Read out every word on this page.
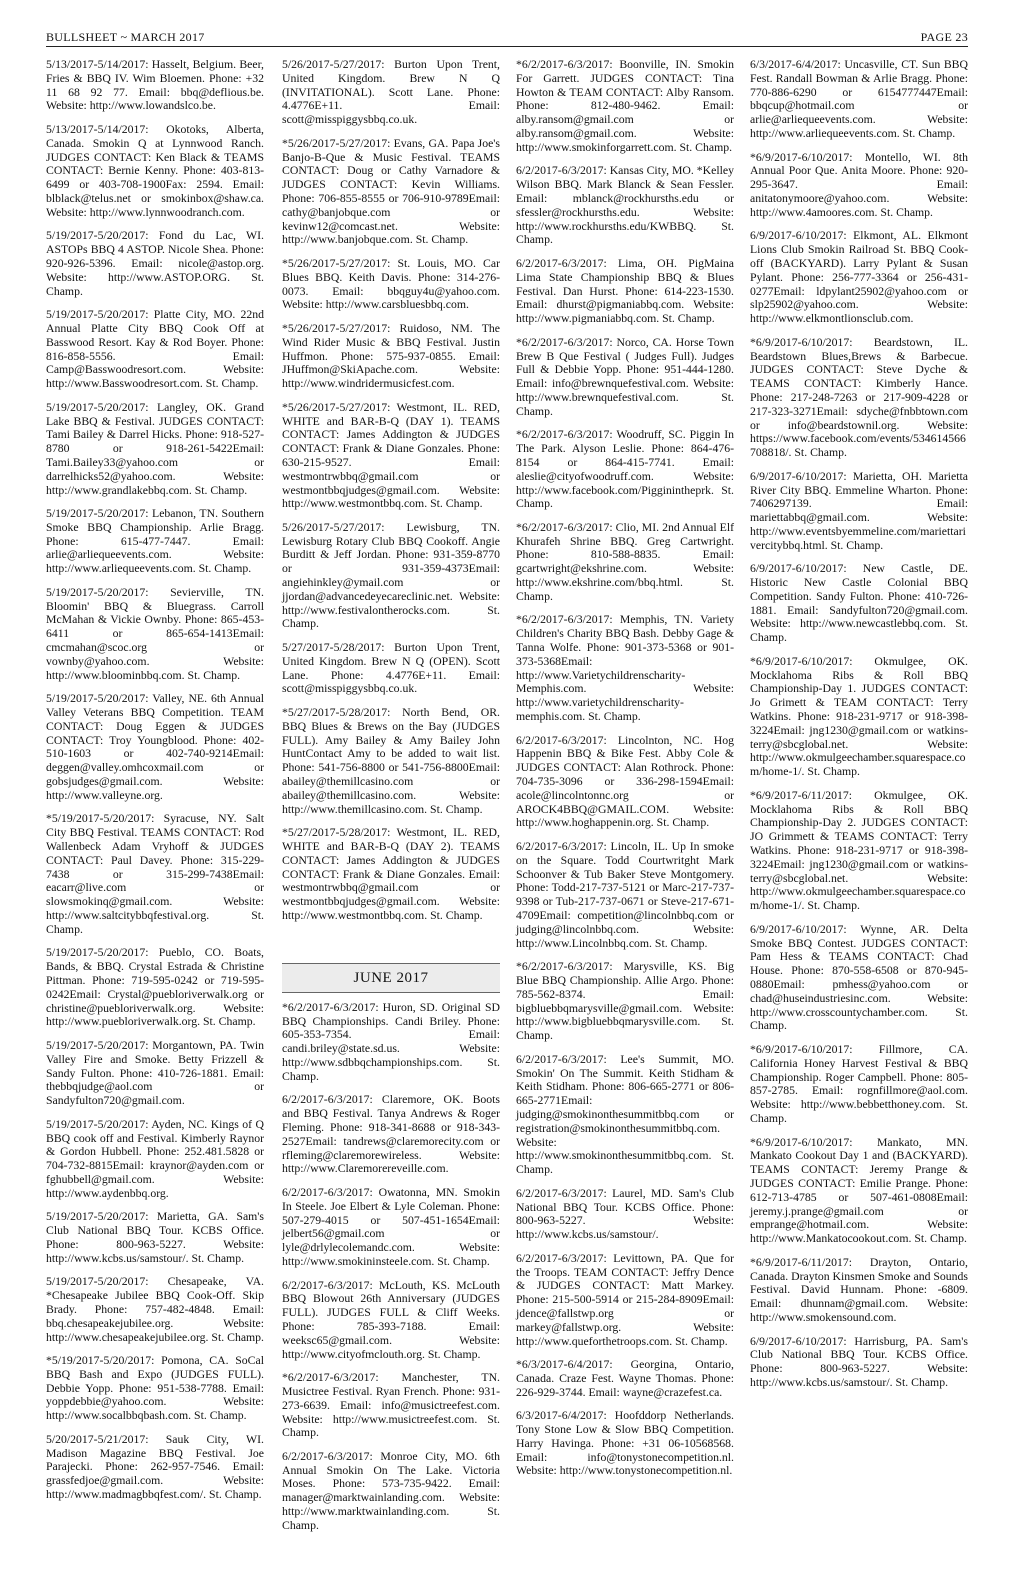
BULLSHEET ~ MARCH 2017	PAGE 23

5/13/2017-5/14/2017: Hasselt, Belgium. Beer, Fries & BBQ IV. Wim Bloemen. Phone: +32 11 68 92 77. Email: bbq@deflious.be. Website: http://www.lowandslco.be.

5/13/2017-5/14/2017: Okotoks, Alberta, Canada. Smokin Q at Lynnwood Ranch. JUDGES CONTACT: Ken Black & TEAMS CONTACT: Bernie Kenny. Phone: 403-813-6499 or 403-708-1900Fax: 2594. Email: blblack@telus.net or smokinbox@shaw.ca. Website: http://www.lynnwoodranch.com.

5/19/2017-5/20/2017: Fond du Lac, WI. ASTOPs BBQ 4 ASTOP. Nicole Shea. Phone: 920-926-5396. Email: nicole@astop.org. Website: http://www.ASTOP.ORG. St. Champ.

5/19/2017-5/20/2017: Platte City, MO. 22nd Annual Platte City BBQ Cook Off at Basswood Resort. Kay & Rod Boyer. Phone: 816-858-5556. Email: Camp@Basswoodresort.com. Website: http://www.Basswoodresort.com. St. Champ.

5/19/2017-5/20/2017: Langley, OK. Grand Lake BBQ & Festival. JUDGES CONTACT: Tami Bailey & Darrel Hicks. Phone: 918-527-8780 or 918-261-5422Email: Tami.Bailey33@yahoo.com or darrelhicks52@yahoo.com. Website: http://www.grandlakebbq.com. St. Champ.

5/19/2017-5/20/2017: Lebanon, TN. Southern Smoke BBQ Championship. Arlie Bragg. Phone: 615-477-7447. Email: arlie@arliequeevents.com. Website: http://www.arliequeevents.com. St. Champ.

5/19/2017-5/20/2017: Sevierville, TN. Bloomin' BBQ & Bluegrass. Carroll McMahan & Vickie Ownby. Phone: 865-453-6411 or 865-654-1413Email: cmcmahan@scoc.org or vownby@yahoo.com. Website: http://www.bloominbbq.com. St. Champ.

5/19/2017-5/20/2017: Valley, NE. 6th Annual Valley Veterans BBQ Competition. TEAM CONTACT: Doug Eggen & JUDGES CONTACT: Troy Youngblood. Phone: 402-510-1603 or 402-740-9214Email: deggen@valley.omhcoxmail.com or gobsjudges@gmail.com. Website: http://www.valleyne.org.

*5/19/2017-5/20/2017: Syracuse, NY. Salt City BBQ Festival. TEAMS CONTACT: Rod Wallenbeck Adam Vryhoff & JUDGES CONTACT: Paul Davey. Phone: 315-229-7438 or 315-299-7438Email: eacarr@live.com or slowsmokinq@gmail.com. Website: http://www.saltcitybbqfestival.org. St. Champ.

5/19/2017-5/20/2017: Pueblo, CO. Boats, Bands, & BBQ. Crystal Estrada & Christine Pittman. Phone: 719-595-0242 or 719-595-0242Email: Crystal@puebloriverwalk.org or christine@puebloriverwalk.org. Website: http://www.puebloriverwalk.org. St. Champ.

5/19/2017-5/20/2017: Morgantown, PA. Twin Valley Fire and Smoke. Betty Frizzell & Sandy Fulton. Phone: 410-726-1881. Email: thebbqjudge@aol.com or Sandyfulton720@gmail.com.

5/19/2017-5/20/2017: Ayden, NC. Kings of Q BBQ cook off and Festival. Kimberly Raynor & Gordon Hubbell. Phone: 252.481.5828 or 704-732-8815Email: kraynor@ayden.com or fghubbell@gmail.com. Website: http://www.aydenbbq.org.

5/19/2017-5/20/2017: Marietta, GA. Sam's Club National BBQ Tour. KCBS Office. Phone: 800-963-5227. Website: http://www.kcbs.us/samstour/. St. Champ.

5/19/2017-5/20/2017: Chesapeake, VA. *Chesapeake Jubilee BBQ Cook-Off. Skip Brady. Phone: 757-482-4848. Email: bbq.chesapeakejubilee.org. Website: http://www.chesapeakejubilee.org. St. Champ.

*5/19/2017-5/20/2017: Pomona, CA. SoCal BBQ Bash and Expo (JUDGES FULL). Debbie Yopp. Phone: 951-538-7788. Email: yoppdebbie@yahoo.com. Website: http://www.socalbbqbash.com. St. Champ.

5/20/2017-5/21/2017: Sauk City, WI. Madison Magazine BBQ Festival. Joe Parajecki. Phone: 262-957-7546. Email: grassfedjoe@gmail.com. Website: http://www.madmagbbqfest.com/. St. Champ.

5/26/2017-5/27/2017: Burton Upon Trent, United Kingdom. Brew N Q (INVITATIONAL). Scott Lane. Phone: 4.4776E+11. Email: scott@misspiggysbbq.co.uk.

*5/26/2017-5/27/2017: Evans, GA. Papa Joe's Banjo-B-Que & Music Festival. TEAMS CONTACT: Doug or Cathy Varnadore & JUDGES CONTACT: Kevin Williams. Phone: 706-855-8555 or 706-910-9789Email: cathy@banjobque.com or kevinw12@comcast.net. Website: http://www.banjobque.com. St. Champ.

*5/26/2017-5/27/2017: St. Louis, MO. Car Blues BBQ. Keith Davis. Phone: 314-276-0073. Email: bbqguy4u@yahoo.com. Website: http://www.carsbluesbbq.com.

*5/26/2017-5/27/2017: Ruidoso, NM. The Wind Rider Music & BBQ Festival. Justin Huffmon. Phone: 575-937-0855. Email: JHuffmon@SkiApache.com. Website: http://www.windridermusicfest.com.

*5/26/2017-5/27/2017: Westmont, IL. RED, WHITE and BAR-B-Q (DAY 1). TEAMS CONTACT: James Addington & JUDGES CONTACT: Frank & Diane Gonzales. Phone: 630-215-9527. Email: westmontrwbbq@gmail.com or westmontbbqjudges@gmail.com. Website: http://www.westmontbbq.com. St. Champ.

5/26/2017-5/27/2017: Lewisburg, TN. Lewisburg Rotary Club BBQ Cookoff. Angie Burditt & Jeff Jordan. Phone: 931-359-8770 or 931-359-4373Email: angiehinkley@ymail.com or jjordan@advancedeyecareclinic.net. Website: http://www.festivalontherocks.com. St. Champ.

5/27/2017-5/28/2017: Burton Upon Trent, United Kingdom. Brew N Q (OPEN). Scott Lane. Phone: 4.4776E+11. Email: scott@misspiggysbbq.co.uk.

*5/27/2017-5/28/2017: North Bend, OR. BBQ Blues & Brews on the Bay (JUDGES FULL). Amy Bailey & Amy Bailey John HuntContact Amy to be added to wait list. Phone: 541-756-8800 or 541-756-8800Email: abailey@themillcasino.com or abailey@themillcasino.com. Website: http://www.themillcasino.com. St. Champ.

*5/27/2017-5/28/2017: Westmont, IL. RED, WHITE and BAR-B-Q (DAY 2). TEAMS CONTACT: James Addington & JUDGES CONTACT: Frank & Diane Gonzales. Email: westmontrwbbq@gmail.com or westmontbbqjudges@gmail.com. Website: http://www.westmontbbq.com. St. Champ.

JUNE 2017

*6/2/2017-6/3/2017: Huron, SD. Original SD BBQ Championships. Candi Briley. Phone: 605-353-7354. Email: candi.briley@state.sd.us. Website: http://www.sdbbqchampionships.com. St. Champ.

6/2/2017-6/3/2017: Claremore, OK. Boots and BBQ Festival. Tanya Andrews & Roger Fleming. Phone: 918-341-8688 or 918-343-2527Email: tandrews@claremorecity.com or rfleming@claremorewireless. Website: http://www.Claremorereveille.com.

6/2/2017-6/3/2017: Owatonna, MN. Smokin In Steele. Joe Elbert & Lyle Coleman. Phone: 507-279-4015 or 507-451-1654Email: jelbert56@gmail.com or lyle@drlylecolemandc.com. Website: http://www.smokininsteele.com. St. Champ.

6/2/2017-6/3/2017: McLouth, KS. McLouth BBQ Blowout 26th Anniversary (JUDGES FULL). JUDGES FULL & Cliff Weeks. Phone: 785-393-7188. Email: weeksc65@gmail.com. Website: http://www.cityofmclouth.org. St. Champ.

*6/2/2017-6/3/2017: Manchester, TN. Musictree Festival. Ryan French. Phone: 931-273-6639. Email: info@musictreefest.com. Website: http://www.musictreefest.com. St. Champ.

6/2/2017-6/3/2017: Monroe City, MO. 6th Annual Smokin On The Lake. Victoria Moses. Phone: 573-735-9422. Email: manager@marktwainlanding.com. Website: http://www.marktwainlanding.com. St. Champ.

*6/2/2017-6/3/2017: Boonville, IN. Smokin For Garrett. JUDGES CONTACT: Tina Howton & TEAM CONTACT: Alby Ransom. Phone: 812-480-9462. Email: alby.ransom@gmail.com or alby.ransom@gmail.com. Website: http://www.smokinforgarrett.com. St. Champ.

6/2/2017-6/3/2017: Kansas City, MO. *Kelley Wilson BBQ. Mark Blanck & Sean Fessler. Email: mblanck@rockhursths.edu or sfessler@rockhursths.edu. Website: http://www.rockhursths.edu/KWBBQ. St. Champ.

6/2/2017-6/3/2017: Lima, OH. PigMaina Lima State Championship BBQ & Blues Festival. Dan Hurst. Phone: 614-223-1530. Email: dhurst@pigmaniabbq.com. Website: http://www.pigmaniabbq.com. St. Champ.

*6/2/2017-6/3/2017: Norco, CA. Horse Town Brew B Que Festival ( Judges Full). Judges Full & Debbie Yopp. Phone: 951-444-1280. Email: info@brewnquefestival.com. Website: http://www.brewnquefestival.com. St. Champ.

*6/2/2017-6/3/2017: Woodruff, SC. Piggin In The Park. Alyson Leslie. Phone: 864-476-8154 or 864-415-7741. Email: aleslie@cityofwoodruff.com. Website: http://www.facebook.com/Pigginintheprk. St. Champ.

*6/2/2017-6/3/2017: Clio, MI. 2nd Annual Elf Khurafeh Shrine BBQ. Greg Cartwright. Phone: 810-588-8835. Email: gcartwright@ekshrine.com. Website: http://www.ekshrine.com/bbq.html. St. Champ.

*6/2/2017-6/3/2017: Memphis, TN. Variety Children's Charity BBQ Bash. Debby Gage & Tanna Wolfe. Phone: 901-373-5368 or 901-373-5368Email: http://www.Varietychildrenscharity-Memphis.com. Website: http://www.varietychildrenscharity-memphis.com. St. Champ.

6/2/2017-6/3/2017: Lincolnton, NC. Hog Happenin BBQ & Bike Fest. Abby Cole & JUDGES CONTACT: Alan Rothrock. Phone: 704-735-3096 or 336-298-1594Email: acole@lincolntonnc.org or AROCK4BBQ@GMAIL.COM. Website: http://www.hoghappenin.org. St. Champ.

6/2/2017-6/3/2017: Lincoln, IL. Up In smoke on the Square. Todd Courtwritght Mark Schoonver & Tub Baker Steve Montgomery. Phone: Todd-217-737-5121 or Marc-217-737-9398 or Tub-217-737-0671 or Steve-217-671-4709Email: competition@lincolnbbq.com or judging@lincolnbbq.com. Website: http://www.Lincolnbbq.com. St. Champ.

*6/2/2017-6/3/2017: Marysville, KS. Big Blue BBQ Championship. Allie Argo. Phone: 785-562-8374. Email: bigbluebbqmarysville@gmail.com. Website: http://www.bigbluebbqmarysville.com. St. Champ.

6/2/2017-6/3/2017: Lee's Summit, MO. Smokin' On The Summit. Keith Stidham & Keith Stidham. Phone: 806-665-2771 or 806-665-2771Email: judging@smokinonthesummitbbq.com or registration@smokinonthesummitbbq.com. Website: http://www.smokinonthesummitbbq.com. St. Champ.

6/2/2017-6/3/2017: Laurel, MD. Sam's Club National BBQ Tour. KCBS Office. Phone: 800-963-5227. Website: http://www.kcbs.us/samstour/.

6/2/2017-6/3/2017: Levittown, PA. Que for the Troops. TEAM CONTACT: Jeffry Dence & JUDGES CONTACT: Matt Markey. Phone: 215-500-5914 or 215-284-8909Email: jdence@fallstwp.org or markey@fallstwp.org. Website: http://www.queforthetroops.com. St. Champ.

*6/3/2017-6/4/2017: Georgina, Ontario, Canada. Craze Fest. Wayne Thomas. Phone: 226-929-3744. Email: wayne@crazefest.ca.

6/3/2017-6/4/2017: Hoofddorp Netherlands. Tony Stone Low & Slow BBQ Competition. Harry Havinga. Phone: +31 06-10568568. Email: info@tonystonecompetition.nl. Website: http://www.tonystonecompetition.nl.

6/3/2017-6/4/2017: Uncasville, CT. Sun BBQ Fest. Randall Bowman & Arlie Bragg. Phone: 770-886-6290 or 6154777447Email: bbqcup@hotmail.com or arlie@arliequeevents.com. Website: http://www.arliequeevents.com. St. Champ.

*6/9/2017-6/10/2017: Montello, WI. 8th Annual Poor Que. Anita Moore. Phone: 920-295-3647. Email: anitatonymoore@yahoo.com. Website: http://www.4amoores.com. St. Champ.

6/9/2017-6/10/2017: Elkmont, AL. Elkmont Lions Club Smokin Railroad St. BBQ Cook-off (BACKYARD). Larry Pylant & Susan Pylant. Phone: 256-777-3364 or 256-431-0277Email: ldpylant25902@yahoo.com or slp25902@yahoo.com. Website: http://www.elkmontlionsclub.com.

*6/9/2017-6/10/2017: Beardstown, IL. Beardstown Blues,Brews & Barbecue. JUDGES CONTACT: Steve Dyche & TEAMS CONTACT: Kimberly Hance. Phone: 217-248-7263 or 217-909-4228 or 217-323-3271Email: sdyche@fnbbtown.com or info@beardstownil.org. Website: https://www.facebook.com/events/534614566708818/. St. Champ.

6/9/2017-6/10/2017: Marietta, OH. Marietta River City BBQ. Emmeline Wharton. Phone: 7406297139. Email: mariettabbq@gmail.com. Website: http://www.eventsbyemmeline.com/mariettarivercitybbq.html. St. Champ.

6/9/2017-6/10/2017: New Castle, DE. Historic New Castle Colonial BBQ Competition. Sandy Fulton. Phone: 410-726-1881. Email: Sandyfulton720@gmail.com. Website: http://www.newcastlebbq.com. St. Champ.

*6/9/2017-6/10/2017: Okmulgee, OK. Mocklahoma Ribs & Roll BBQ Championship-Day 1. JUDGES CONTACT: Jo Grimett & TEAM CONTACT: Terry Watkins. Phone: 918-231-9717 or 918-398-3224Email: jng1230@gmail.com or watkins-terry@sbcglobal.net. Website: http://www.okmulgeechamber.squarespace.com/home-1/. St. Champ.

*6/9/2017-6/11/2017: Okmulgee, OK. Mocklahoma Ribs & Roll BBQ Championship-Day 2. JUDGES CONTACT: JO Grimmett & TEAMS CONTACT: Terry Watkins. Phone: 918-231-9717 or 918-398-3224Email: jng1230@gmail.com or watkins-terry@sbcglobal.net. Website: http://www.okmulgeechamber.squarespace.com/home-1/. St. Champ.

6/9/2017-6/10/2017: Wynne, AR. Delta Smoke BBQ Contest. JUDGES CONTACT: Pam Hess & TEAMS CONTACT: Chad House. Phone: 870-558-6508 or 870-945-0880Email: pmhess@yahoo.com or chad@huseindustriesinc.com. Website: http://www.crosscountychamber.com. St. Champ.

*6/9/2017-6/10/2017: Fillmore, CA. California Honey Harvest Festival & BBQ Championship. Roger Campbell. Phone: 805-857-2785. Email: rognfillmore@aol.com. Website: http://www.bebbetthoney.com. St. Champ.

*6/9/2017-6/10/2017: Mankato, MN. Mankato Cookout Day 1 and (BACKYARD). TEAMS CONTACT: Jeremy Prange & JUDGES CONTACT: Emilie Prange. Phone: 612-713-4785 or 507-461-0808Email: jeremy.j.prange@gmail.com or emprange@hotmail.com. Website: http://www.Mankatocookout.com. St. Champ.

*6/9/2017-6/11/2017: Drayton, Ontario, Canada. Drayton Kinsmen Smoke and Sounds Festival. David Hunnam. Phone: -6809. Email: dhunnam@gmail.com. Website: http://www.smokensound.com.

6/9/2017-6/10/2017: Harrisburg, PA. Sam's Club National BBQ Tour. KCBS Office. Phone: 800-963-5227. Website: http://www.kcbs.us/samstour/. St. Champ.
